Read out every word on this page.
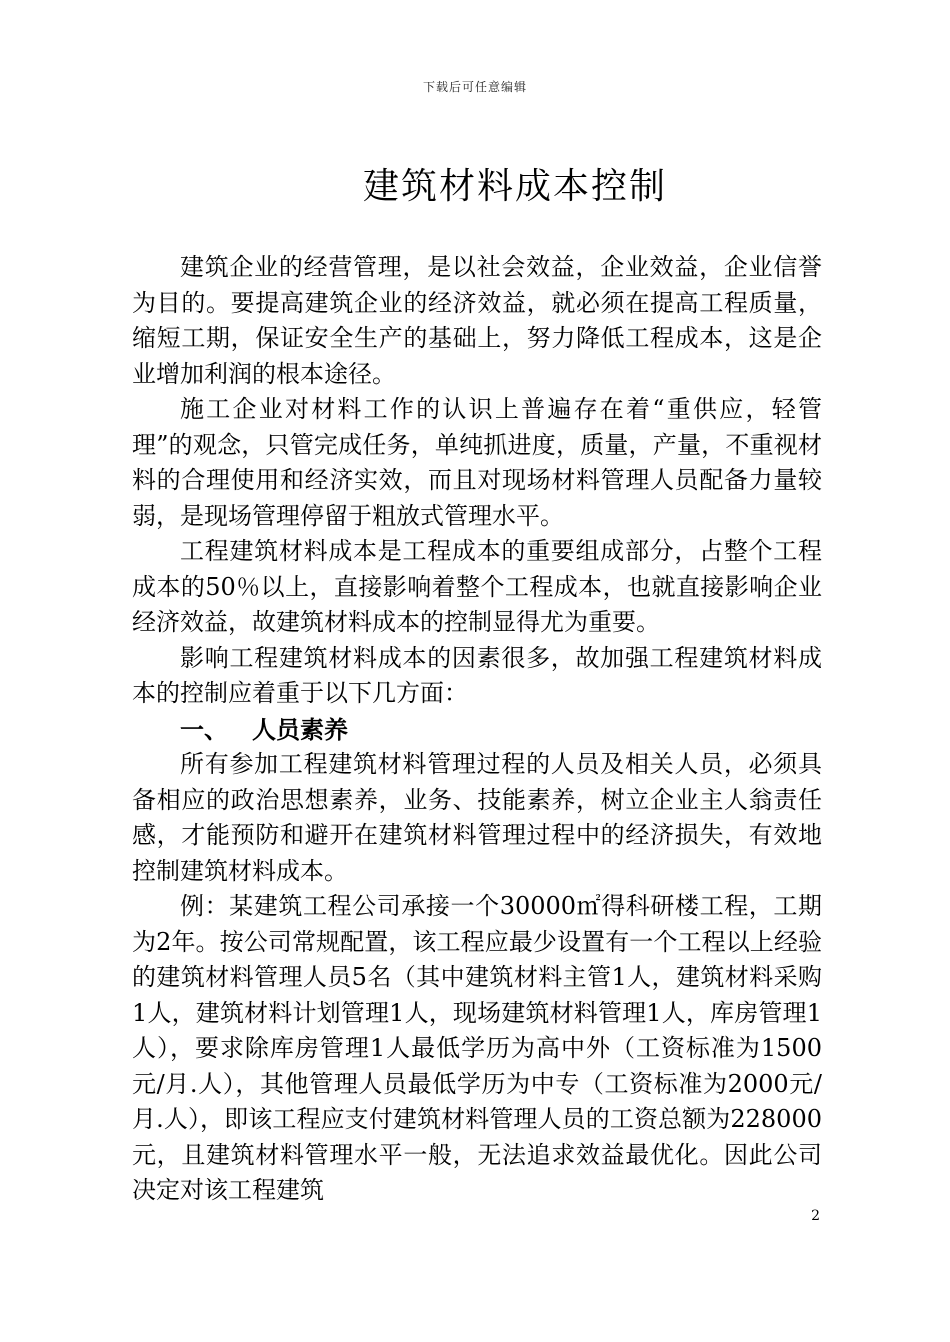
下载后可任意编辑
建筑材料成本控制

建筑企业的经营管理，是以社会效益，企业效益，企业信誉为目的。要提高建筑企业的经济效益，就必须在提高工程质量，缩短工期，保证安全生产的基础上，努力降低工程成本，这是企业增加利润的根本途径。

施工企业对材料工作的认识上普遍存在着“重供应，轻管理”的观念，只管完成任务，单纯抓进度，质量，产量，不重视材料的合理使用和经济实效，而且对现场材料管理人员配备力量较弱，是现场管理停留于粗放式管理水平。

工程建筑材料成本是工程成本的重要组成部分，占整个工程成本的50％以上，直接影响着整个工程成本，也就直接影响企业经济效益，故建筑材料成本的控制显得尤为重要。

影响工程建筑材料成本的因素很多，故加强工程建筑材料成本的控制应着重于以下几方面：

一、 人员素养

所有参加工程建筑材料管理过程的人员及相关人员，必须具备相应的政治思想素养，业务、技能素养，树立企业主人翁责任感，才能预防和避开在建筑材料管理过程中的经济损失，有效地控制建筑材料成本。

例：某建筑工程公司承接一个30000㎡得科研楼工程，工期为2年。按公司常规配置，该工程应最少设置有一个工程以上经验的建筑材料管理人员5名（其中建筑材料主管1人，建筑材料采购1人，建筑材料计划管理1人，现场建筑材料管理1人，库房管理1人），要求除库房管理1人最低学历为高中外（工资标准为1500元/月.人），其他管理人员最低学历为中专（工资标准为2000元/月.人），即该工程应支付建筑材料管理人员的工资总额为228000元，且建筑材料管理水平一般，无法追求效益最优化。因此公司决定对该工程建筑

2
